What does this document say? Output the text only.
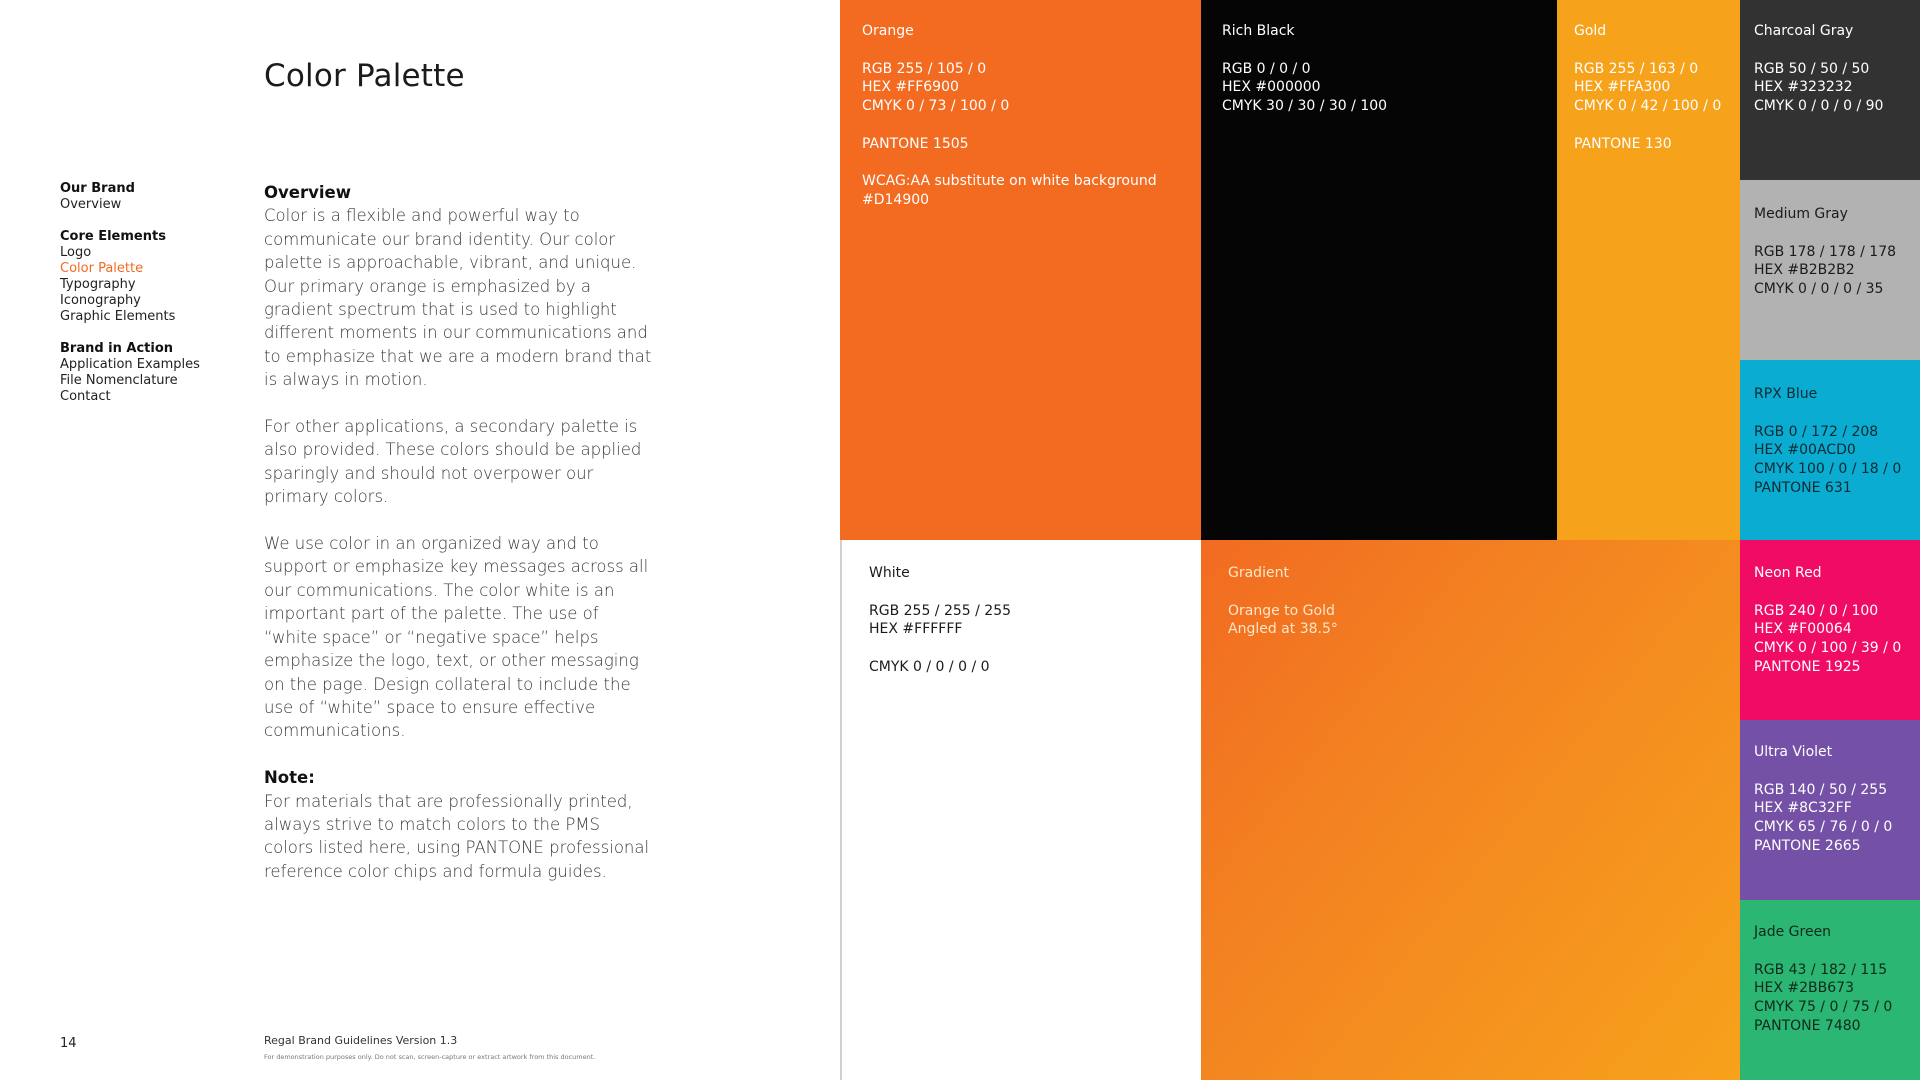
Color Palette
Our Brand
Overview
Core Elements
Logo
Color Palette
Typography
Iconography
Graphic Elements
Brand in Action
Application Examples
File Nomenclature
Contact
Overview

Color is a flexible and powerful way to communicate our brand identity. Our color palette is approachable, vibrant, and unique. Our primary orange is emphasized by a gradient spectrum that is used to highlight different moments in our communications and to emphasize that we are a modern brand that is always in motion.

For other applications, a secondary palette is also provided. These colors should be applied sparingly and should not overpower our primary colors.

We use color in an organized way and to support or emphasize key messages across all our communications. The color white is an important part of the palette. The use of “white space” or “negative space” helps emphasize the logo, text, or other messaging on the page. Design collateral to include the use of “white” space to ensure effective communications.

Note:

For materials that are professionally printed, always strive to match colors to the PMS colors listed here, using PANTONE professional reference color chips and formula guides.

14	Regal Brand Guidelines Version 1.3
For demonstration purposes only. Do not scan, screen-capture or extract artwork from this document.
Orange
RGB 255 / 105 / 0
HEX #FF6900
CMYK 0 / 73 / 100 / 0
PANTONE 1505
WCAG:AA substitute on white background
#D14900
Rich Black
RGB 0 / 0 / 0
HEX #000000
CMYK 30 / 30 / 30 / 100
Gold
RGB 255 / 163 / 0
HEX #FFA300
CMYK 0 / 42 / 100 / 0
PANTONE 130
Charcoal Gray
RGB 50 / 50 / 50
HEX #323232
CMYK 0 / 0 / 0 / 90
Medium Gray
RGB 178 / 178 / 178
HEX #B2B2B2
CMYK 0 / 0 / 0 / 35
RPX Blue
RGB 0 / 172 / 208
HEX #00ACD0
CMYK 100 / 0 / 18 / 0
PANTONE 631
White
RGB 255 / 255 / 255
HEX #FFFFFF
CMYK 0 / 0 / 0 / 0
Gradient
Orange to Gold
Angled at 38.5°
Neon Red
RGB 240 / 0 / 100
HEX #F00064
CMYK 0 / 100 / 39 / 0
PANTONE 1925
Ultra Violet
RGB 140 / 50 / 255
HEX #8C32FF
CMYK 65 / 76 / 0 / 0
PANTONE 2665
Jade Green
RGB 43 / 182 / 115
HEX #2BB673
CMYK 75 / 0 / 75 / 0
PANTONE 7480
